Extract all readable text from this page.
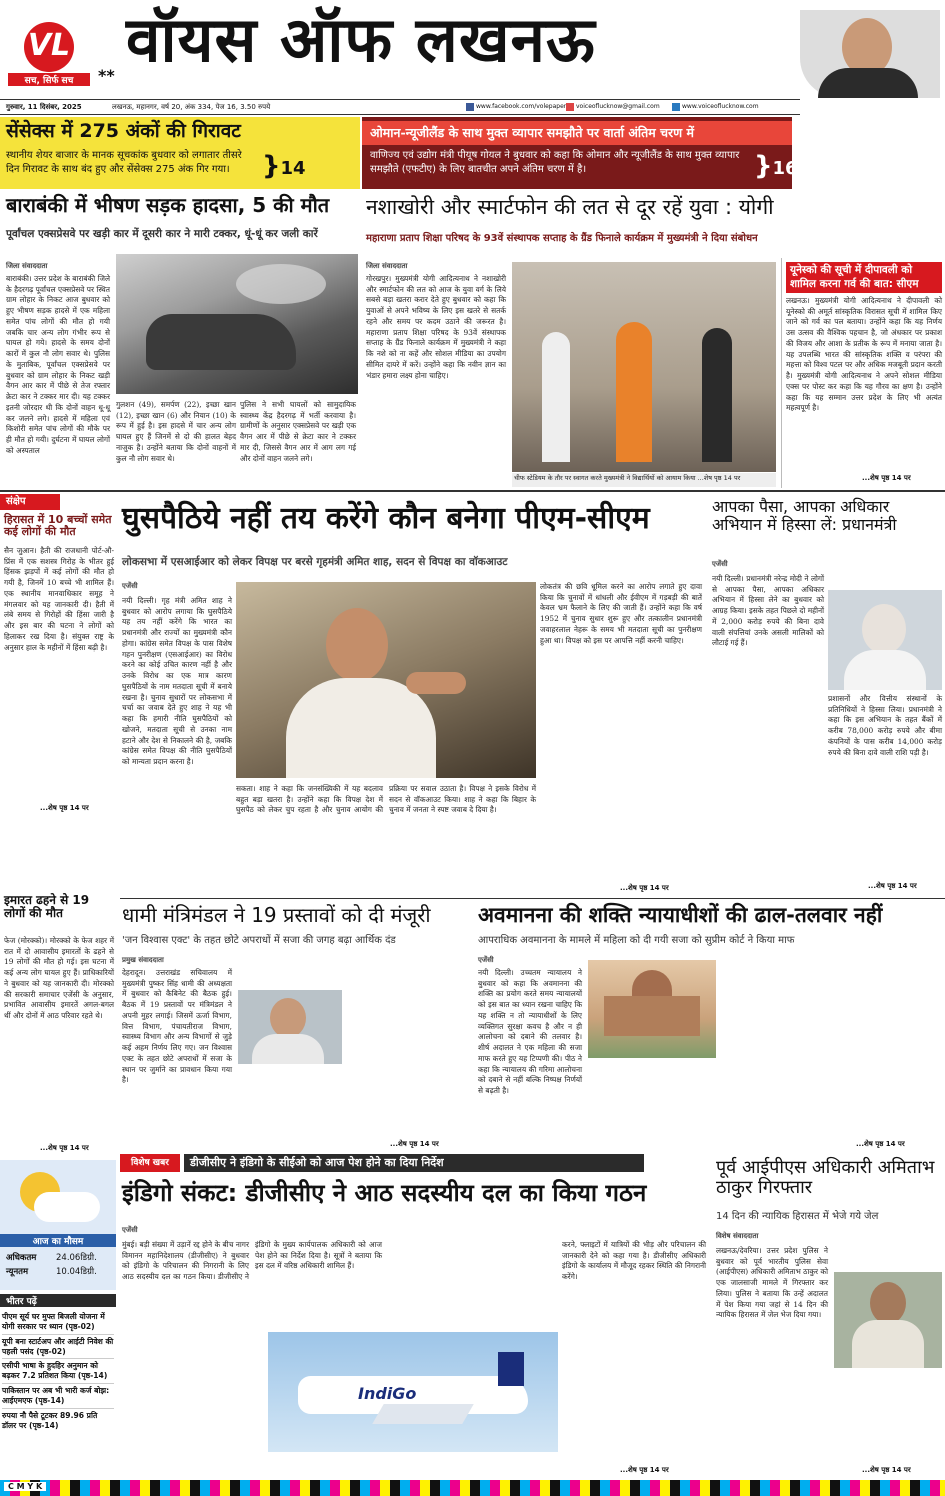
VL
सच, सिर्फ सच	** वॉयस ऑफ लखनऊ
गुरुवार, 11 दिसंबर, 2025	लखनऊ, महानगर, वर्ष 20, अंक 334, पेज 16, 3.50 रुपये	www.facebook.com/volepaper voiceoflucknow@gmail.com	www.voiceoflucknow.com
सेंसेक्स में 275 अंकों की गिरावट
स्थानीय शेयर बाजार के मानक सूचकांक बुधवार को लगातार तीसरे दिन गिरावट के साथ बंद हुए और सेंसेक्स 275 अंक गिर गया।	}14
ओमान-न्यूजीलैंड के साथ मुक्त व्यापार समझौते पर वार्ता अंतिम चरण में
वाणिज्य एवं उद्योग मंत्री पीयूष गोयल ने बुधवार को कहा कि ओमान और न्यूजीलैंड के साथ मुक्त व्यापार समझौते (एफटीए) के लिए बातचीत अपने अंतिम चरण में है।	}16
बाराबंकी में भीषण सड़क हादसा, 5 की मौत
पूर्वांचल एक्सप्रेसवे पर खड़ी कार में दूसरी कार ने मारी टक्कर, धूं-धूं कर जली कारें
जिला संवाददाता
बाराबंकी। उत्तर प्रदेश के बाराबंकी जिले के हैदरगढ़ पूर्वांचल एक्सप्रेसवे पर स्थित ग्राम लोहार के निकट आज बुधवार को हुए भीषण सड़क हादसे में एक महिला समेत पांच लोगों की मौत हो गयी जबकि चार अन्य लोग गंभीर रूप से घायल हो गये। हादसे के समय दोनों कारों में कुल नौ लोग सवार थे। पुलिस के मुताबिक, पूर्वांचल एक्सप्रेसवे पर बुधवार को ग्राम लोहार के निकट खड़ी वैगन आर कार में पीछे से तेज रफ्तार क्रेटा कार ने टक्कर मार दी। यह टक्कर इतनी जोरदार थी कि दोनों वाहन धू-धू कर जलने लगे। हादसे में महिला एवं किशोरी समेत पांच लोगों की मौके पर ही मौत हो गयी। दुर्घटना में घायल लोगों को अस्पताल
गुलशन (49), समर्पण (22), इच्छा खान (12), इच्छा खान (6) और नियान (10) के रूप में हुई है। इस हादसे में चार अन्य लोग घायल हुए हैं जिनमें से दो की हालत बेहद नाजुक है। उन्होंने बताया कि दोनों वाहनों में कुल नौ लोग सवार थे।
पुलिस ने सभी घायलों को सामुदायिक स्वास्थ्य केंद्र हैदरगढ़ में भर्ती करवाया है। ग्रामीणों के अनुसार एक्सप्रेसवे पर खड़ी एक वैगन आर में पीछे से क्रेटा कार ने टक्कर मार दी, जिससे वैगन आर में आग लग गई और दोनों वाहन जलने लगे।
नशाखोरी और स्मार्टफोन की लत से दूर रहें युवा : योगी
महाराणा प्रताप शिक्षा परिषद के 93वें संस्थापक सप्ताह के ग्रैंड फिनाले कार्यक्रम में मुख्यमंत्री ने दिया संबोधन
जिला संवाददाता
गोरखपुर। मुख्यमंत्री योगी आदित्यनाथ ने नशाखोरी और स्मार्टफोन की लत को आज के युवा वर्ग के लिये सबसे बड़ा खतरा करार देते हुए बुधवार को कहा कि युवाओं से अपने भविष्य के लिए इस खतरे से सतर्क रहने और समय पर कदम उठाने की जरूरत है। महाराणा प्रताप शिक्षा परिषद के 93वें संस्थापक सप्ताह के ग्रैंड फिनाले कार्यक्रम में मुख्यमंत्री ने कहा कि नशे को ना कहें और सोशल मीडिया का उपयोग सीमित दायरे में करें। उन्होंने कहा कि नवीन ज्ञान का भंडार हमारा लक्ष्य होना चाहिए।
चीफ स्टेडियम के तौर पर स्वागत करते मुख्यमंत्री ने विद्यार्थियों को आयाम किया ...शेष पृष्ठ 14 पर
यूनेस्को की सूची में दीपावली को शामिल करना गर्व की बात: सीएम
लखनऊ। मुख्यमंत्री योगी आदित्यनाथ ने दीपावली को यूनेस्को की अमूर्त सांस्कृतिक विरासत सूची में शामिल किए जाने को गर्व का पल बताया। उन्होंने कहा कि यह निर्णय उस उत्सव की वैश्विक पहचान है, जो अंधकार पर प्रकाश की विजय और आशा के प्रतीक के रूप में मनाया जाता है। यह उपलब्धि भारत की सांस्कृतिक शक्ति व परंपरा की महत्ता को विश्व पटल पर और अधिक मजबूती प्रदान करती है। मुख्यमंत्री योगी आदित्यनाथ ने अपने सोशल मीडिया एक्स पर पोस्ट कर कहा कि यह गौरव का क्षण है। उन्होंने कहा कि यह सम्मान उत्तर प्रदेश के लिए भी अत्यंत महत्वपूर्ण है।
...शेष पृष्ठ 14 पर
संक्षेप
हिरासत में 10 बच्चों समेत कई लोगों की मौत
सैन जुआन। हैती की राजधानी पोर्ट-औ-प्रिंस में एक सशस्त्र गिरोह के भीतर हुई हिंसक झड़पों में कई लोगों की मौत हो गयी है, जिनमें 10 बच्चे भी शामिल हैं। एक स्थानीय मानवाधिकार समूह ने मंगलवार को यह जानकारी दी। हैती में लंबे समय से गिरोहों की हिंसा जारी है और इस बार की घटना ने लोगों को हिलाकर रख दिया है। संयुक्त राष्ट्र के अनुसार हाल के महीनों में हिंसा बढ़ी है।
...शेष पृष्ठ 14 पर
इमारत ढहने से 19 लोगों की मौत
फेज (मोरक्को)। मोरक्को के फेज शहर में रात में दो आवासीय इमारतों के ढहने से 19 लोगों की मौत हो गई। इस घटना में कई अन्य लोग घायल हुए हैं। प्राधिकारियों ने बुधवार को यह जानकारी दी। मोरक्को की सरकारी समाचार एजेंसी के अनुसार, प्रभावित आवासीय इमारतें अगल-बगल थीं और दोनों में आठ परिवार रहते थे।
...शेष पृष्ठ 14 पर
घुसपैठिये नहीं तय करेंगे कौन बनेगा पीएम-सीएम
लोकसभा में एसआईआर को लेकर विपक्ष पर बरसे गृहमंत्री अमित शाह, सदन से विपक्ष का वॉकआउट
एजेंसी
नयी दिल्ली। गृह मंत्री अमित शाह ने बुधवार को आरोप लगाया कि घुसपैठिये यह तय नहीं करेंगे कि भारत का प्रधानमंत्री और राज्यों का मुख्यमंत्री कौन होगा। कांग्रेस समेत विपक्ष के पास विशेष गहन पुनरीक्षण (एसआईआर) का विरोध करने का कोई उचित कारण नहीं है और उनके विरोध का एक मात्र कारण घुसपैठियों के नाम मतदाता सूची में बनाये रखना है। चुनाव सुधारों पर लोकसभा में चर्चा का जवाब देते हुए शाह ने यह भी कहा कि हमारी नीति घुसपैठियों को खोजने, मतदाता सूची से उनका नाम हटाने और देश से निकालने की है, जबकि कांग्रेस समेत विपक्ष की नीति घुसपैठियों को मान्यता प्रदान करना है।
सकता। शाह ने कहा कि जनसंख्यिकी में यह बदलाव बहुत बड़ा खतरा है। उन्होंने कहा कि विपक्ष देश में घुसपैठ को लेकर चुप रहता है और चुनाव आयोग की प्रक्रिया पर सवाल उठाता है। विपक्ष ने इसके विरोध में सदन से वॉकआउट किया। शाह ने कहा कि बिहार के चुनाव में जनता ने स्पष्ट जवाब दे दिया है।
लोकतंत्र की छवि धूमिल करने का आरोप लगाते हुए दावा किया कि चुनावों में धांधली और ईवीएम में गड़बड़ी की बातें केवल भ्रम फैलाने के लिए की जाती हैं। उन्होंने कहा कि वर्ष 1952 में चुनाव सुधार शुरू हुए और तत्कालीन प्रधानमंत्री जवाहरलाल नेहरू के समय भी मतदाता सूची का पुनरीक्षण हुआ था। विपक्ष को इस पर आपत्ति नहीं करनी चाहिए।
...शेष पृष्ठ 14 पर
आपका पैसा, आपका अधिकार अभियान में हिस्सा लें: प्रधानमंत्री
एजेंसी
नयी दिल्ली। प्रधानमंत्री नरेन्द्र मोदी ने लोगों से आपका पैसा, आपका अधिकार अभियान में हिस्सा लेने का बुधवार को आग्रह किया। इसके तहत पिछले दो महीनों में 2,000 करोड़ रुपये की बिना दावे वाली संपत्तियां उनके असली मालिकों को लौटाई गई हैं।
प्रशासनों और वित्तीय संस्थानों के प्रतिनिधियों ने हिस्सा लिया। प्रधानमंत्री ने कहा कि इस अभियान के तहत बैंकों में करीब 78,000 करोड़ रुपये और बीमा कंपनियों के पास करीब 14,000 करोड़ रुपये की बिना दावे वाली राशि पड़ी है।
...शेष पृष्ठ 14 पर
धामी मंत्रिमंडल ने 19 प्रस्तावों को दी मंजूरी
'जन विश्वास एक्ट' के तहत छोटे अपराधों में सजा की जगह बढ़ा आर्थिक दंड
प्रमुख संवाददाता
देहरादून। उत्तराखंड सचिवालय में मुख्यमंत्री पुष्कर सिंह धामी की अध्यक्षता में बुधवार को कैबिनेट की बैठक हुई। बैठक में 19 प्रस्तावों पर मंत्रिमंडल ने अपनी मुहर लगाई। जिसमें ऊर्जा विभाग, वित्त विभाग, पंचायतीराज विभाग, स्वास्थ्य विभाग और अन्य विभागों से जुड़े कई अहम निर्णय लिए गए। जन विश्वास एक्ट के तहत छोटे अपराधों में सजा के स्थान पर जुर्माने का प्रावधान किया गया है।
...शेष पृष्ठ 14 पर
अवमानना की शक्ति न्यायाधीशों की ढाल-तलवार नहीं
आपराधिक अवमानना के मामले में महिला को दी गयी सजा को सुप्रीम कोर्ट ने किया माफ
एजेंसी
नयी दिल्ली। उच्चतम न्यायालय ने बुधवार को कहा कि अवमानना की शक्ति का प्रयोग करते समय न्यायालयों को इस बात का ध्यान रखना चाहिए कि यह शक्ति न तो न्यायाधीशों के लिए व्यक्तिगत सुरक्षा कवच है और न ही आलोचना को दबाने की तलवार है। शीर्ष अदालत ने एक महिला की सजा माफ करते हुए यह टिप्पणी की। पीठ ने कहा कि न्यायालय की गरिमा आलोचना को दबाने से नहीं बल्कि निष्पक्ष निर्णयों से बढ़ती है।
...शेष पृष्ठ 14 पर
आज का मौसम
अधिकतम 24.06डिग्री.
न्यूनतम	10.04डिग्री.
भीतर पढ़ें
पीएम सूर्य घर मुफ्त बिजली योजना में योगी सरकार पर ध्यान (पृष्ठ-02)
यूपी बना स्टार्टअप और आईटी निवेश की पहली पसंद (पृष्ठ-02)
एसीपी भाषा के हुदहिर अनुमान को बढ़कर 7.2 प्रतिशत किया (पृष्ठ-14)
पाकिस्तान पर अब भी भारी कर्ज बोझ: आईएमएफ (पृष्ठ-14)
रुपया नौ पैसे टूटकर 89.96 प्रति डॉलर पर (पृष्ठ-14)
विशेष खबर	डीजीसीए ने इंडिगो के सीईओ को आज पेश होने का दिया निर्देश
इंडिगो संकट: डीजीसीए ने आठ सदस्यीय दल का किया गठन
एजेंसी
मुंबई। बड़ी संख्या में उड़ानें रद्द होने के बीच नागर विमानन महानिदेशालय (डीजीसीए) ने बुधवार को इंडिगो के परिचालन की निगरानी के लिए आठ सदस्यीय दल का गठन किया। डीजीसीए ने इंडिगो के मुख्य कार्यपालक अधिकारी को आज पेश होने का निर्देश दिया है। सूत्रों ने बताया कि इस दल में वरिष्ठ अधिकारी शामिल हैं।
IndiGo
करने, फ्लाइटों में यात्रियों की भीड़ और परिचालन की जानकारी देने को कहा गया है। डीजीसीए अधिकारी इंडिगो के कार्यालय में मौजूद रहकर स्थिति की निगरानी करेंगे।
...शेष पृष्ठ 14 पर
पूर्व आईपीएस अधिकारी अमिताभ ठाकुर गिरफ्तार
14 दिन की न्यायिक हिरासत में भेजे गये जेल
विशेष संवाददाता
लखनऊ/देवरिया। उत्तर प्रदेश पुलिस ने बुधवार को पूर्व भारतीय पुलिस सेवा (आईपीएस) अधिकारी अमिताभ ठाकुर को एक जालसाजी मामले में गिरफ्तार कर लिया। पुलिस ने बताया कि उन्हें अदालत में पेश किया गया जहां से 14 दिन की न्यायिक हिरासत में जेल भेज दिया गया।
...शेष पृष्ठ 14 पर
C M Y K
